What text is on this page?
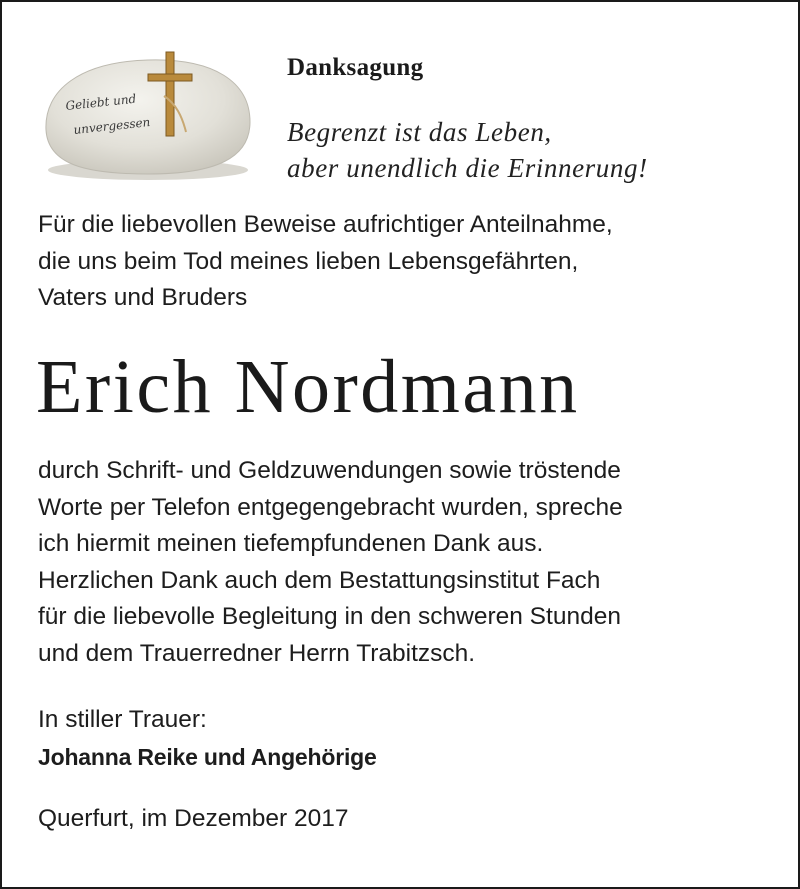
Geliebt und
unvergessen
Danksagung
Begrenzt ist das Leben,
aber unendlich die Erinnerung!
Für die liebevollen Beweise aufrichtiger Anteilnahme,
die uns beim Tod meines lieben Lebensgefährten,
Vaters und Bruders
Erich Nordmann
durch Schrift- und Geldzuwendungen sowie tröstende
Worte per Telefon entgegengebracht wurden, spreche
ich hiermit meinen tiefempfundenen Dank aus.
Herzlichen Dank auch dem Bestattungsinstitut Fach
für die liebevolle Begleitung in den schweren Stunden
und dem Trauerredner Herrn Trabitzsch.
In stiller Trauer:
Johanna Reike und Angehörige
Querfurt, im Dezember 2017
